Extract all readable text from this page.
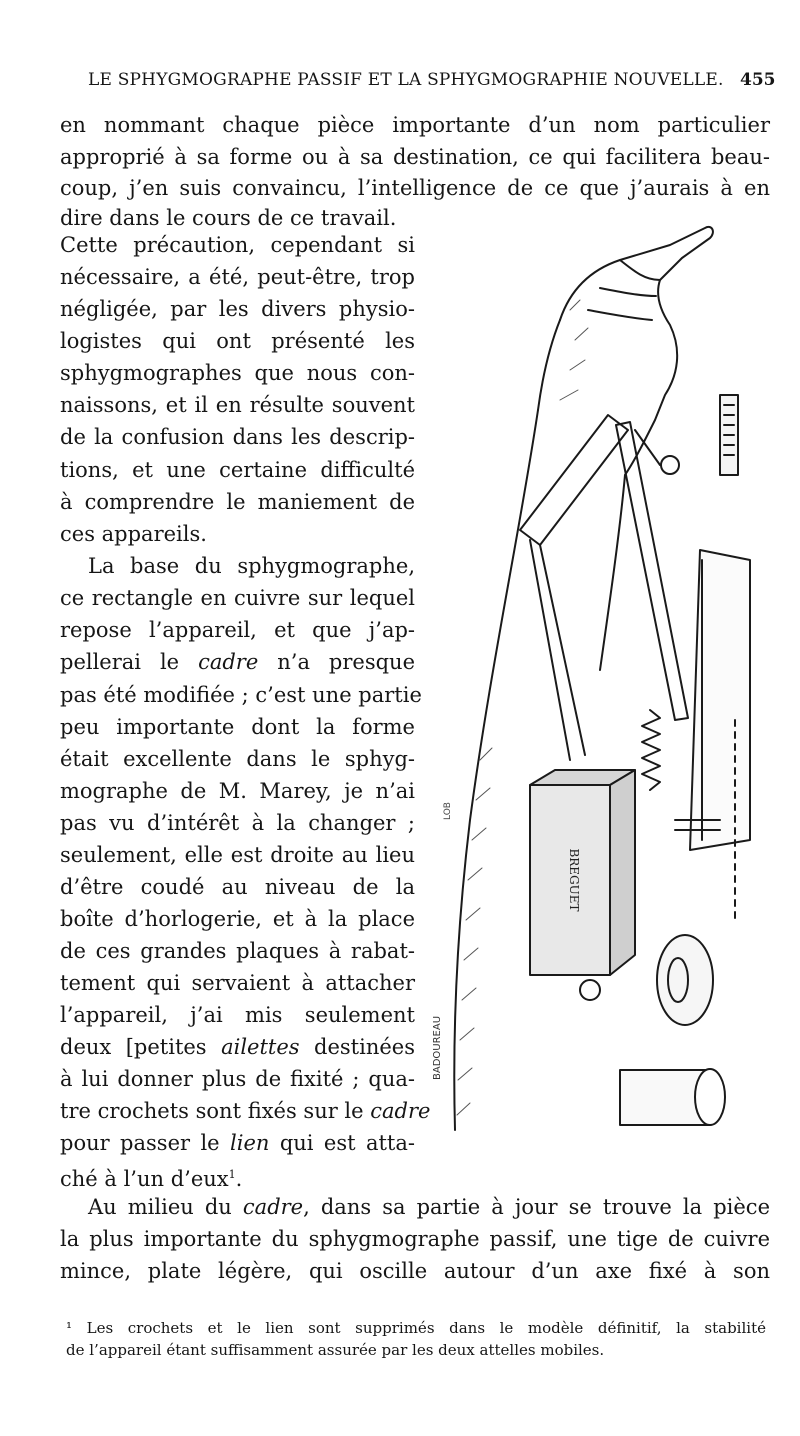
LE SPHYGMOGRAPHE PASSIF ET LA SPHYGMOGRAPHIE NOUVELLE. 455
en nommant chaque pièce importante d’un nom particulier
approprié à sa forme ou à sa destination, ce qui facilitera beau-
coup, j’en suis convaincu, l’intelligence de ce que j’aurais à en
dire dans le cours de ce travail.
Cette précaution, cependant si
nécessaire, a été, peut-être, trop
négligée, par les divers physio-
logistes qui ont présenté les
sphygmographes que nous con-
naissons, et il en résulte souvent
de la confusion dans les descrip-
tions, et une certaine difficulté
à comprendre le maniement de
ces appareils.
La base du sphygmographe,
ce rectangle en cuivre sur lequel
repose l’appareil, et que j’ap-
pellerai le cadre n’a presque
pas été modifiée ; c’est une partie
peu importante dont la forme
était excellente dans le sphyg-
mographe de M. Marey, je n’ai
pas vu d’intérêt à la changer ;
seulement, elle est droite au lieu
d’être coudé au niveau de la
boîte d’horlogerie, et à la place
de ces grandes plaques à rabat-
tement qui servaient à attacher
l’appareil, j’ai mis seulement
deux [petites ailettes destinées
à lui donner plus de fixité ; qua-
tre crochets sont fixés sur le cadre
pour passer le lien qui est atta-
ché à l’un d’eux$^1$.
Au milieu du cadre, dans sa partie à jour se trouve la pièce
la plus importante du sphygmographe passif, une tige de cuivre
mince, plate légère, qui oscille autour d’un axe fixé à son
¹ Les crochets et le lien sont supprimés dans le modèle définitif, la stabilité
de l’appareil étant suffisamment assurée par les deux attelles mobiles.
BREGUET
BADOUREAU
LOB
